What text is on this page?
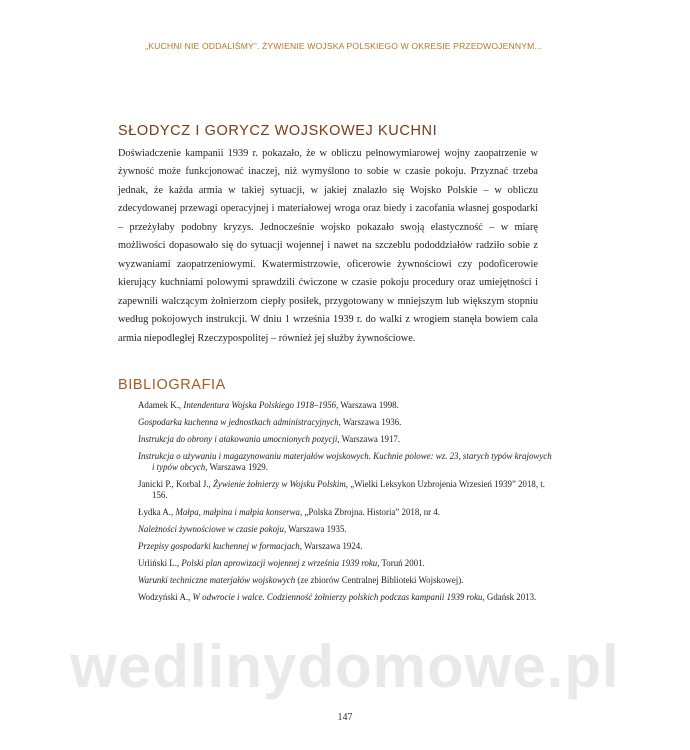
„KUCHNI NIE ODDALIŚMY”. ŻYWIENIE WOJSKA POLSKIEGO W OKRESIE PRZEDWOJENNYM...
SŁODYCZ I GORYCZ WOJSKOWEJ KUCHNI

Doświadczenie kampanii 1939 r. pokazało, że w obliczu pełnowymiarowej wojny zaopatrzenie w żywność może funkcjonować inaczej, niż wymyślono to sobie w czasie pokoju. Przyznać trzeba jednak, że każda armia w takiej sytuacji, w jakiej znalazło się Wojsko Polskie – w obliczu zdecydowanej przewagi operacyjnej i materiałowej wroga oraz biedy i zacofania własnej gospodarki – przeżyłaby podobny kryzys. Jednocześnie wojsko pokazało swoją elastyczność – w miarę możliwości dopasowało się do sytuacji wojennej i nawet na szczeblu pododdziałów radziło sobie z wyzwaniami zaopatrzeniowymi. Kwatermistrzowie, oficerowie żywnościowi czy podoficerowie kierujący kuchniami polowymi sprawdzili ćwiczone w czasie pokoju procedury oraz umiejętności i zapewnili walczącym żołnierzom ciepły posiłek, przygotowany w mniejszym lub większym stopniu według pokojowych instrukcji. W dniu 1 września 1939 r. do walki z wrogiem stanęła bowiem cała armia niepodległej Rzeczypospolitej – również jej służby żywnościowe.

BIBLIOGRAFIA
Adamek K., Intendentura Wojska Polskiego 1918–1956, Warszawa 1998.
Gospodarka kuchenna w jednostkach administracyjnych, Warszawa 1936.
Instrukcja do obrony i atakowania umocnionych pozycji, Warszawa 1917.
Instrukcja o używaniu i magazynowaniu materjałów wojskowych. Kuchnie polowe: wz. 23, starych typów krajowych i typów obcych, Warszawa 1929.
Janicki P., Korbal J., Żywienie żołnierzy w Wojsku Polskim, „Wielki Leksykon Uzbrojenia Wrzesień 1939” 2018, t. 156.
Łydka A., Małpa, małpina i małpia konserwa, „Polska Zbrojna. Historia” 2018, nr 4.
Należności żywnościowe w czasie pokoju, Warszawa 1935.
Przepisy gospodarki kuchennej w formacjach, Warszawa 1924.
Urliński L., Polski plan aprowizacji wojennej z września 1939 roku, Toruń 2001.
Warunki techniczne materjałów wojskowych (ze zbiorów Centralnej Biblioteki Wojskowej).
Wodzyński A., W odwrocie i walce. Codzienność żołnierzy polskich podczas kampanii 1939 roku, Gdańsk 2013.
wedlinydomowe.pl
147
